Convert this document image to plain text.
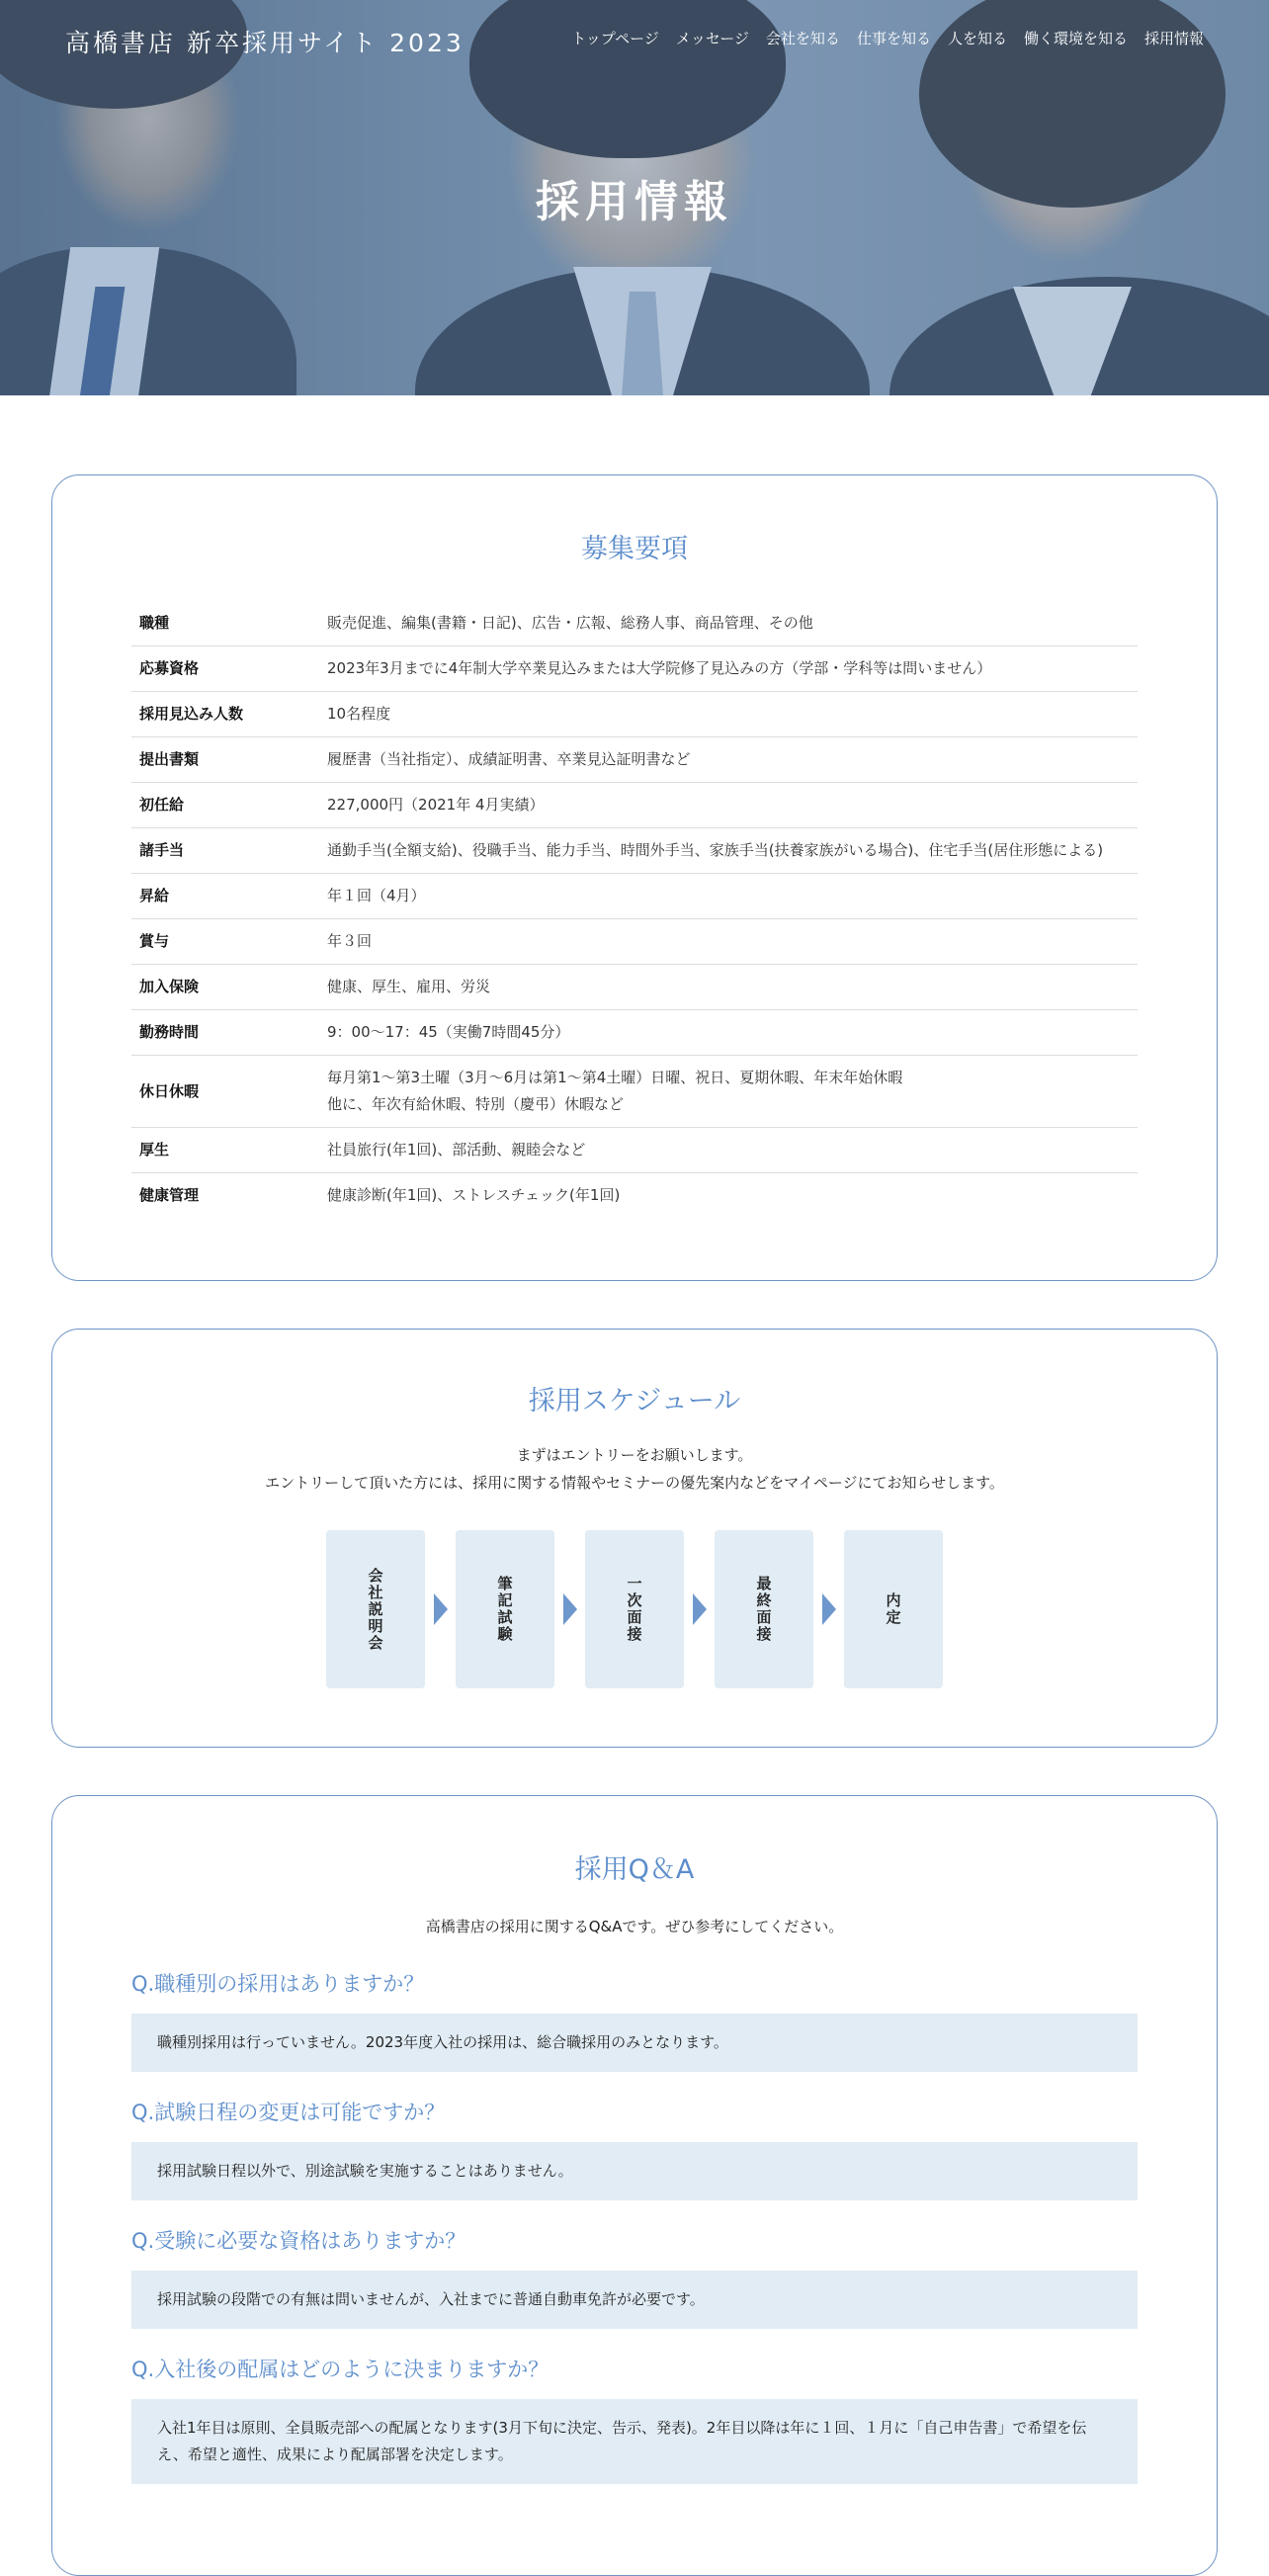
高橋書店 新卒採用サイト 2023	トップページ メッセージ 会社を知る 仕事を知る 人を知る 働く環境を知る 採用情報
採用情報
募集要項
職種	販売促進、編集(書籍・日記)、広告・広報、総務人事、商品管理、その他
応募資格	2023年3月までに4年制大学卒業見込みまたは大学院修了見込みの方（学部・学科等は問いません）
採用見込み人数	10名程度
提出書類	履歴書（当社指定）、成績証明書、卒業見込証明書など
初任給	227,000円（2021年 4月実績）
諸手当	通勤手当(全額支給)、役職手当、能力手当、時間外手当、家族手当(扶養家族がいる場合)、住宅手当(居住形態による)
昇給	年１回（4月）
賞与	年３回
加入保険	健康、厚生、雇用、労災
勤務時間	9：00～17：45（実働7時間45分）
休日休暇	毎月第1～第3土曜（3月～6月は第1～第4土曜）日曜、祝日、夏期休暇、年末年始休暇
他に、年次有給休暇、特別（慶弔）休暇など
厚生	社員旅行(年1回)、部活動、親睦会など
健康管理	健康診断(年1回)、ストレスチェック(年1回)
採用スケジュール
まずはエントリーをお願いします。
エントリーして頂いた方には、採用に関する情報やセミナーの優先案内などをマイページにてお知らせします。
会社説明会	筆記試験	一次面接	最終面接	内定
採用Q＆A
高橋書店の採用に関するQ&Aです。ぜひ参考にしてください。
Q.職種別の採用はありますか？
職種別採用は行っていません。2023年度入社の採用は、総合職採用のみとなります。
Q.試験日程の変更は可能ですか？
採用試験日程以外で、別途試験を実施することはありません。
Q.受験に必要な資格はありますか？
採用試験の段階での有無は問いませんが、入社までに普通自動車免許が必要です。
Q.入社後の配属はどのように決まりますか？
入社1年目は原則、全員販売部への配属となります(3月下旬に決定、告示、発表)。2年目以降は年に１回、１月に「自己申告書」で希望を伝え、希望と適性、成果により配属部署を決定します。
